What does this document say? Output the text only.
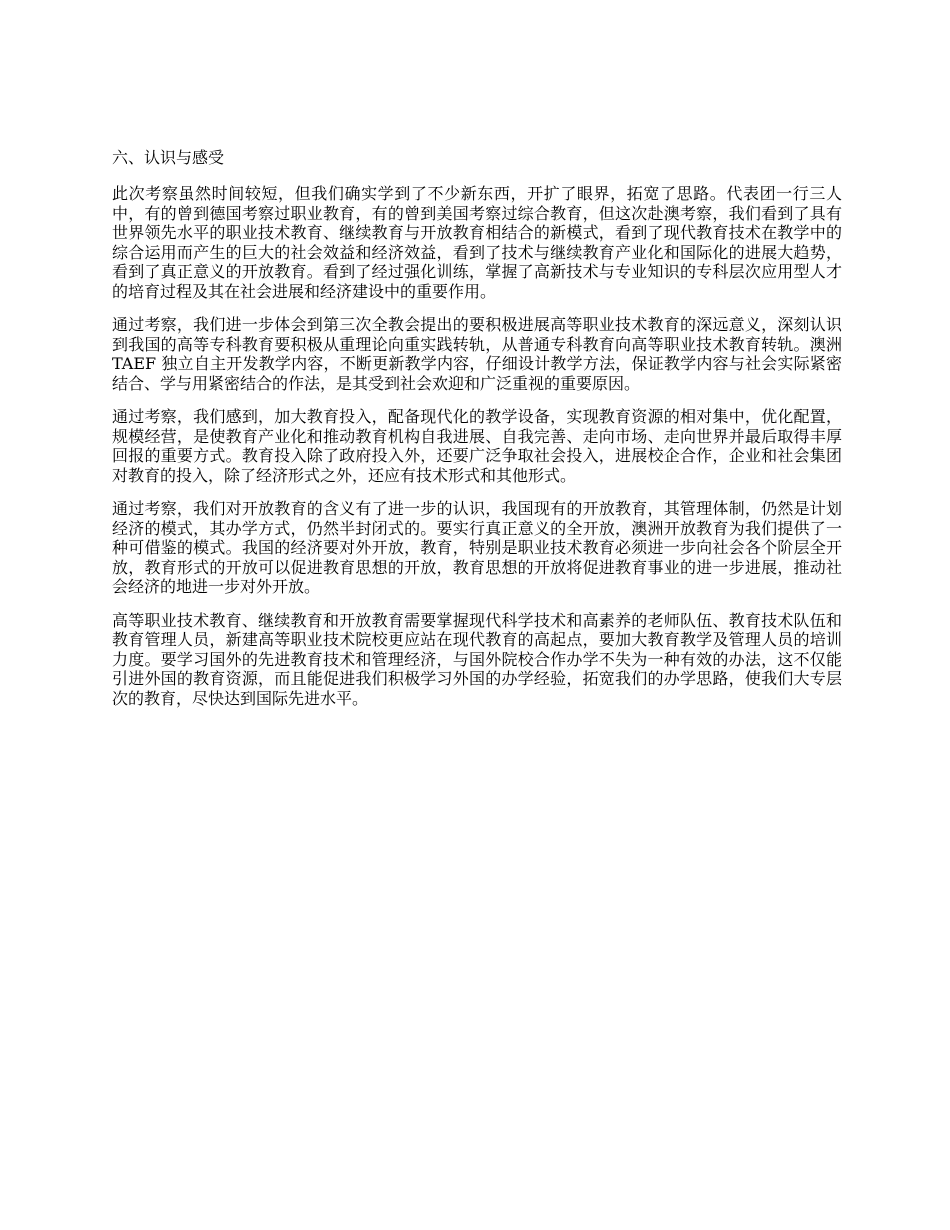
六、认识与感受

此次考察虽然时间较短，但我们确实学到了不少新东西，开扩了眼界，拓宽了思路。代表团一行三人中，有的曾到德国考察过职业教育，有的曾到美国考察过综合教育，但这次赴澳考察，我们看到了具有世界领先水平的职业技术教育、继续教育与开放教育相结合的新模式，看到了现代教育技术在教学中的综合运用而产生的巨大的社会效益和经济效益，看到了技术与继续教育产业化和国际化的进展大趋势，看到了真正意义的开放教育。看到了经过强化训练，掌握了高新技术与专业知识的专科层次应用型人才的培育过程及其在社会进展和经济建设中的重要作用。

通过考察，我们进一步体会到第三次全教会提出的要积极进展高等职业技术教育的深远意义，深刻认识到我国的高等专科教育要积极从重理论向重实践转轨，从普通专科教育向高等职业技术教育转轨。澳洲 TAEF 独立自主开发教学内容，不断更新教学内容，仔细设计教学方法，保证教学内容与社会实际紧密结合、学与用紧密结合的作法，是其受到社会欢迎和广泛重视的重要原因。

通过考察，我们感到，加大教育投入，配备现代化的教学设备，实现教育资源的相对集中，优化配置，规模经营，是使教育产业化和推动教育机构自我进展、自我完善、走向市场、走向世界并最后取得丰厚回报的重要方式。教育投入除了政府投入外，还要广泛争取社会投入，进展校企合作，企业和社会集团对教育的投入，除了经济形式之外，还应有技术形式和其他形式。

通过考察，我们对开放教育的含义有了进一步的认识，我国现有的开放教育，其管理体制，仍然是计划经济的模式，其办学方式，仍然半封闭式的。要实行真正意义的全开放，澳洲开放教育为我们提供了一种可借鉴的模式。我国的经济要对外开放，教育，特别是职业技术教育必须进一步向社会各个阶层全开放，教育形式的开放可以促进教育思想的开放，教育思想的开放将促进教育事业的进一步进展，推动社会经济的地进一步对外开放。

高等职业技术教育、继续教育和开放教育需要掌握现代科学技术和高素养的老师队伍、教育技术队伍和教育管理人员，新建高等职业技术院校更应站在现代教育的高起点，要加大教育教学及管理人员的培训力度。要学习国外的先进教育技术和管理经济，与国外院校合作办学不失为一种有效的办法，这不仅能引进外国的教育资源，而且能促进我们积极学习外国的办学经验，拓宽我们的办学思路，使我们大专层次的教育，尽快达到国际先进水平。
